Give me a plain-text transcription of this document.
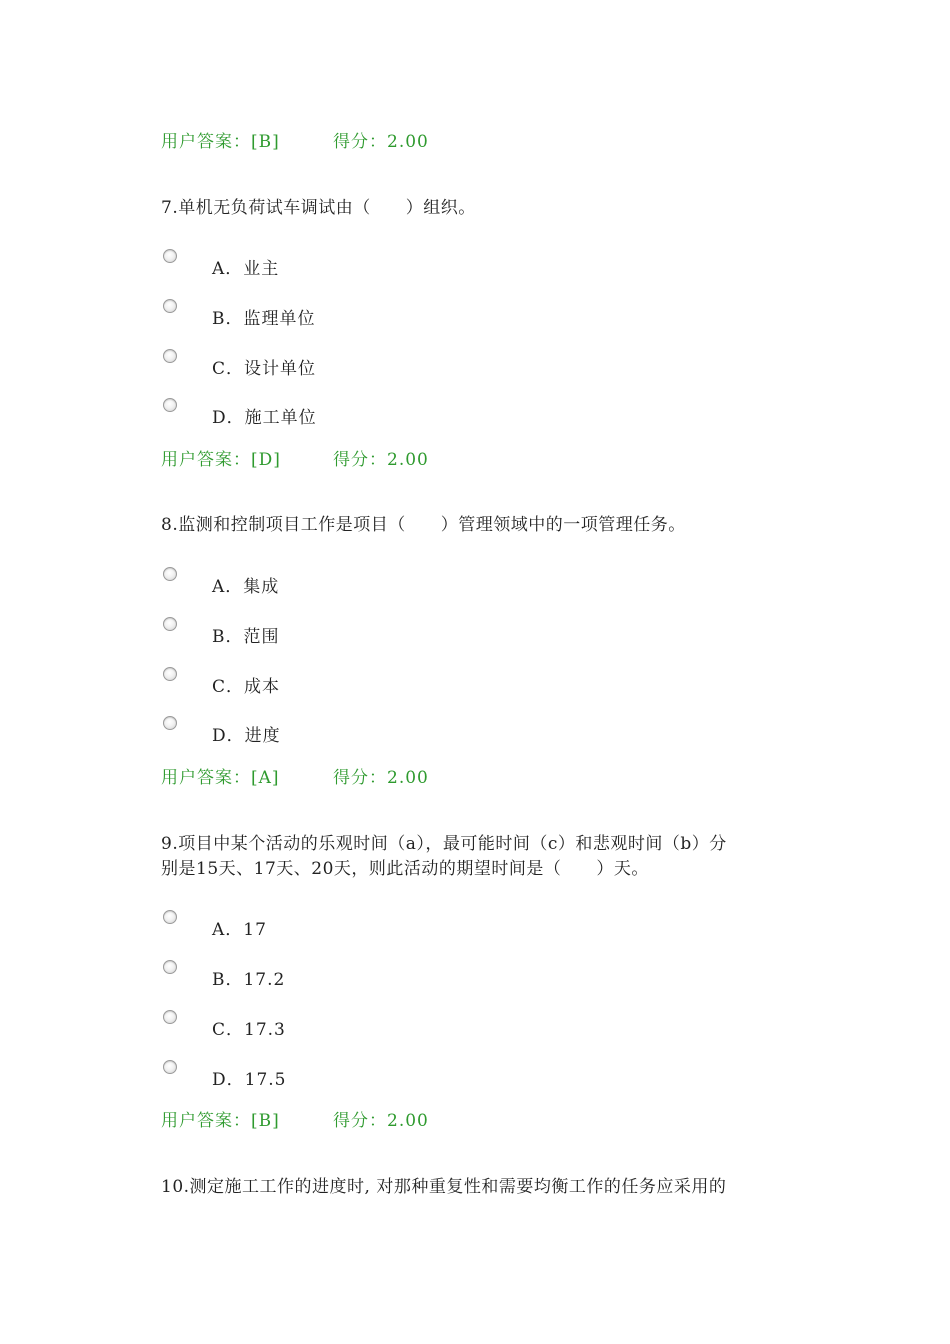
用户答案：[B]	得分：2.00
7.单机无负荷试车调试由（　　）组织。
A．业主
B．监理单位
C．设计单位
D．施工单位
用户答案：[D]	得分：2.00
8.监测和控制项目工作是项目（　　）管理领域中的一项管理任务。
A．集成
B．范围
C．成本
D．进度
用户答案：[A]	得分：2.00
9.项目中某个活动的乐观时间（a），最可能时间（c）和悲观时间（b）分
别是15天、17天、20天，则此活动的期望时间是（　　）天。
A．17
B．17.2
C．17.3
D．17.5
用户答案：[B]	得分：2.00
10.测定施工工作的进度时, 对那种重复性和需要均衡工作的任务应采用的
